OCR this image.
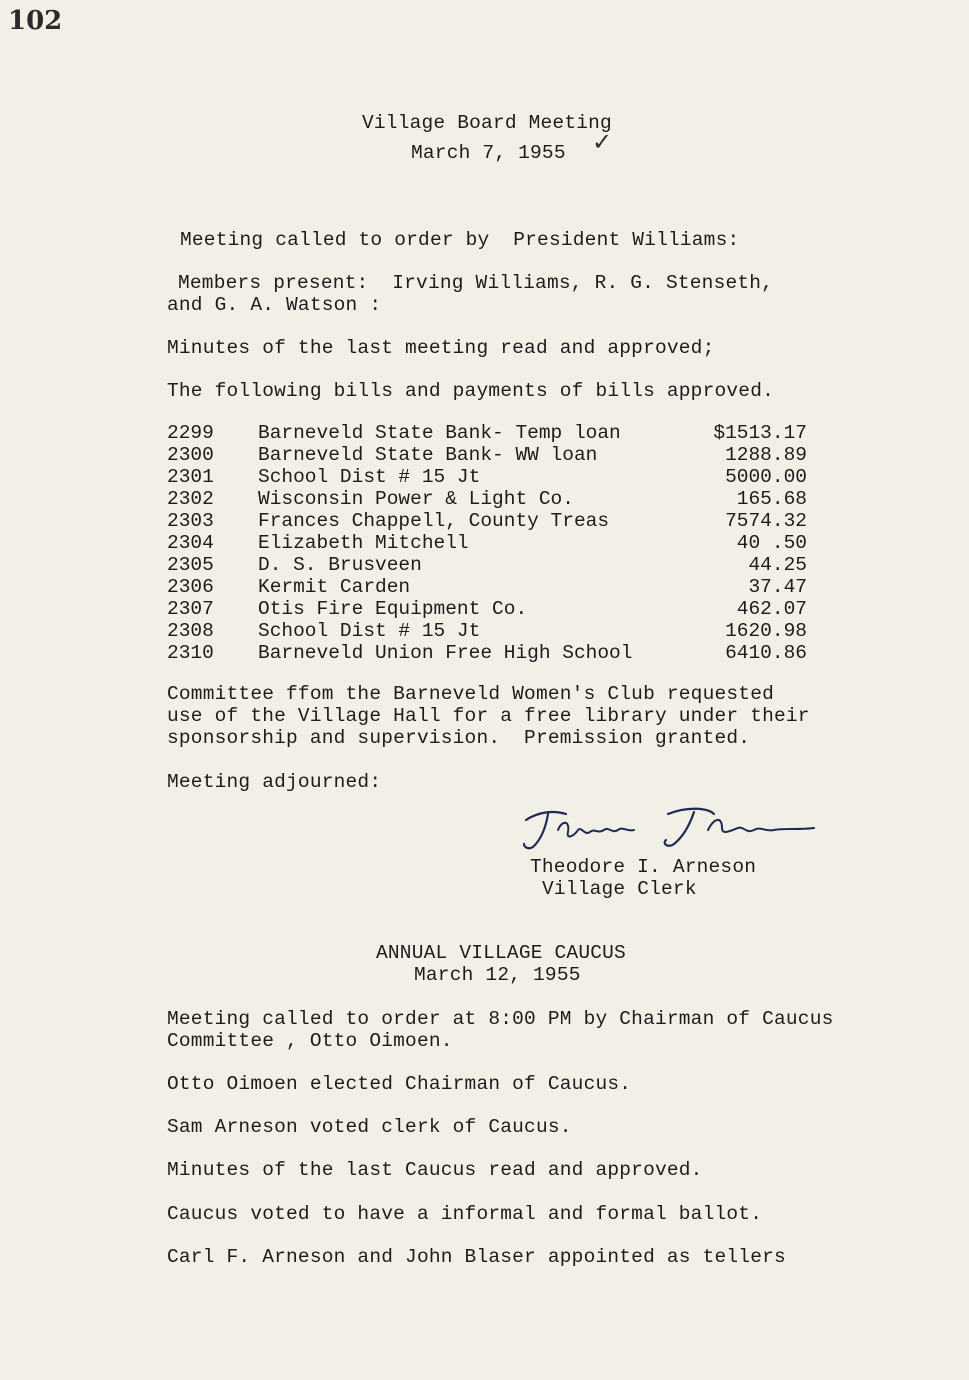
102
Village Board Meeting
March 7, 1955 ✓
Meeting called to order by  President Williams:
Members present:  Irving Williams, R. G. Stenseth,
and G. A. Watson :
Minutes of the last meeting read and approved;
The following bills and payments of bills approved.
2299 Barneveld State Bank- Temp loan	$1513.17
2300 Barneveld State Bank- WW loan	1288.89
2301 School Dist # 15 Jt	5000.00
2302 Wisconsin Power & Light Co.	165.68
2303 Frances Chappell, County Treas	7574.32
2304 Elizabeth Mitchell	40 .50
2305 D. S. Brusveen	44.25
2306 Kermit Carden	37.47
2307 Otis Fire Equipment Co.	462.07
2308 School Dist # 15 Jt	1620.98
2310 Barneveld Union Free High School	6410.86
Committee ffom the Barneveld Women's Club requested
use of the Village Hall for a free library under their
sponsorship and supervision.  Premission granted.
Meeting adjourned:
Theodore I. Arneson
Village Clerk
ANNUAL VILLAGE CAUCUS
March 12, 1955
Meeting called to order at 8:00 PM by Chairman of Caucus
Committee , Otto Oimoen.
Otto Oimoen elected Chairman of Caucus.
Sam Arneson voted clerk of Caucus.
Minutes of the last Caucus read and approved.
Caucus voted to have a informal and formal ballot.
Carl F. Arneson and John Blaser appointed as tellers
